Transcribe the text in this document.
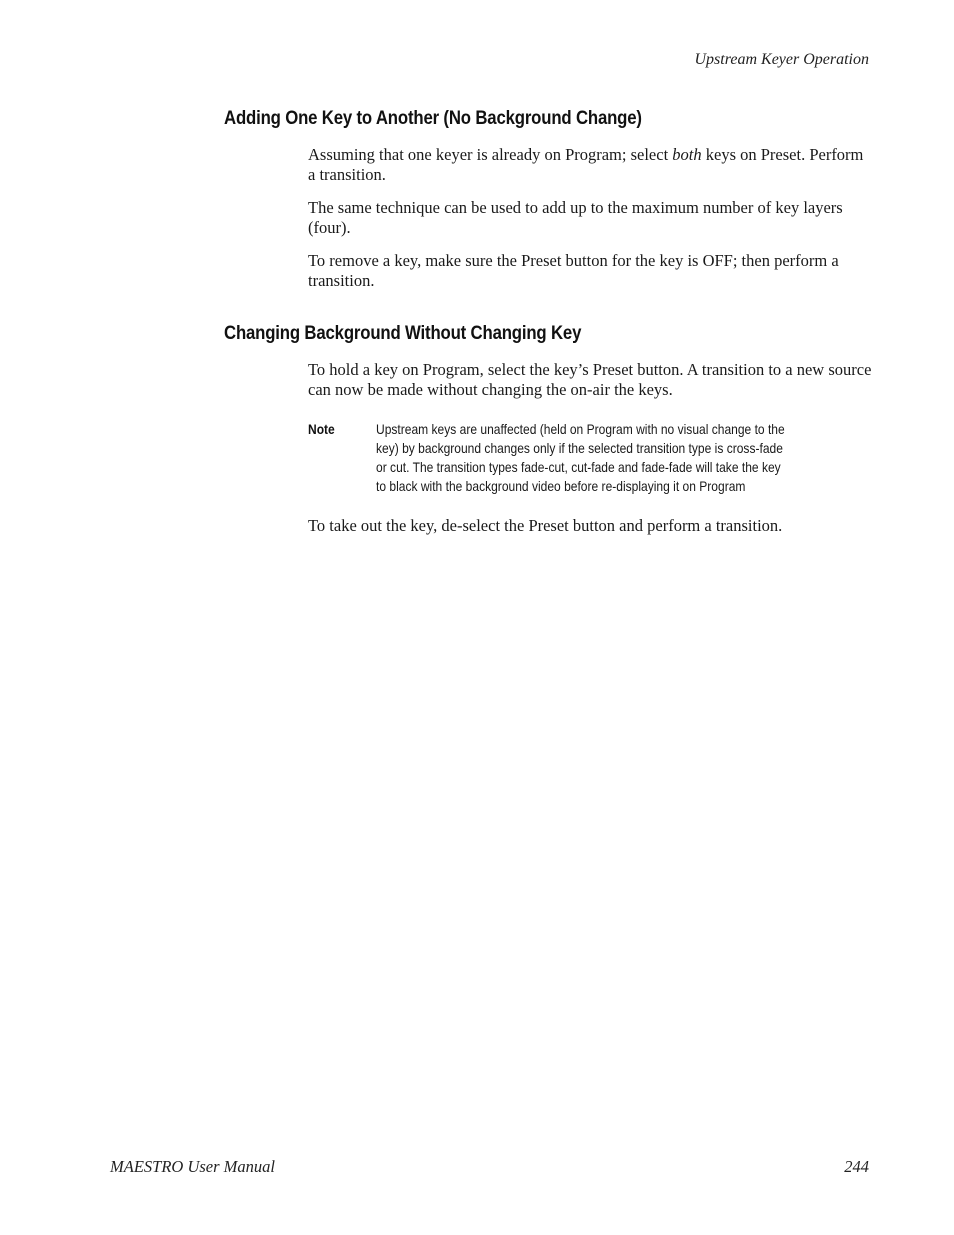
Upstream Keyer Operation
Adding One Key to Another (No Background Change)
Assuming that one keyer is already on Program; select both keys on Preset. Perform a transition.
The same technique can be used to add up to the maximum number of key layers (four).
To remove a key, make sure the Preset button for the key is OFF; then perform a transition.
Changing Background Without Changing Key
To hold a key on Program, select the key’s Preset button. A transition to a new source can now be made without changing the on-air the keys.
Note	Upstream keys are unaffected (held on Program with no visual change to the
key) by background changes only if the selected transition type is cross-fade
or cut. The transition types fade-cut, cut-fade and fade-fade will take the key
to black with the background video before re-displaying it on Program
To take out the key, de-select the Preset button and perform a transition.
MAESTRO User Manual	244
